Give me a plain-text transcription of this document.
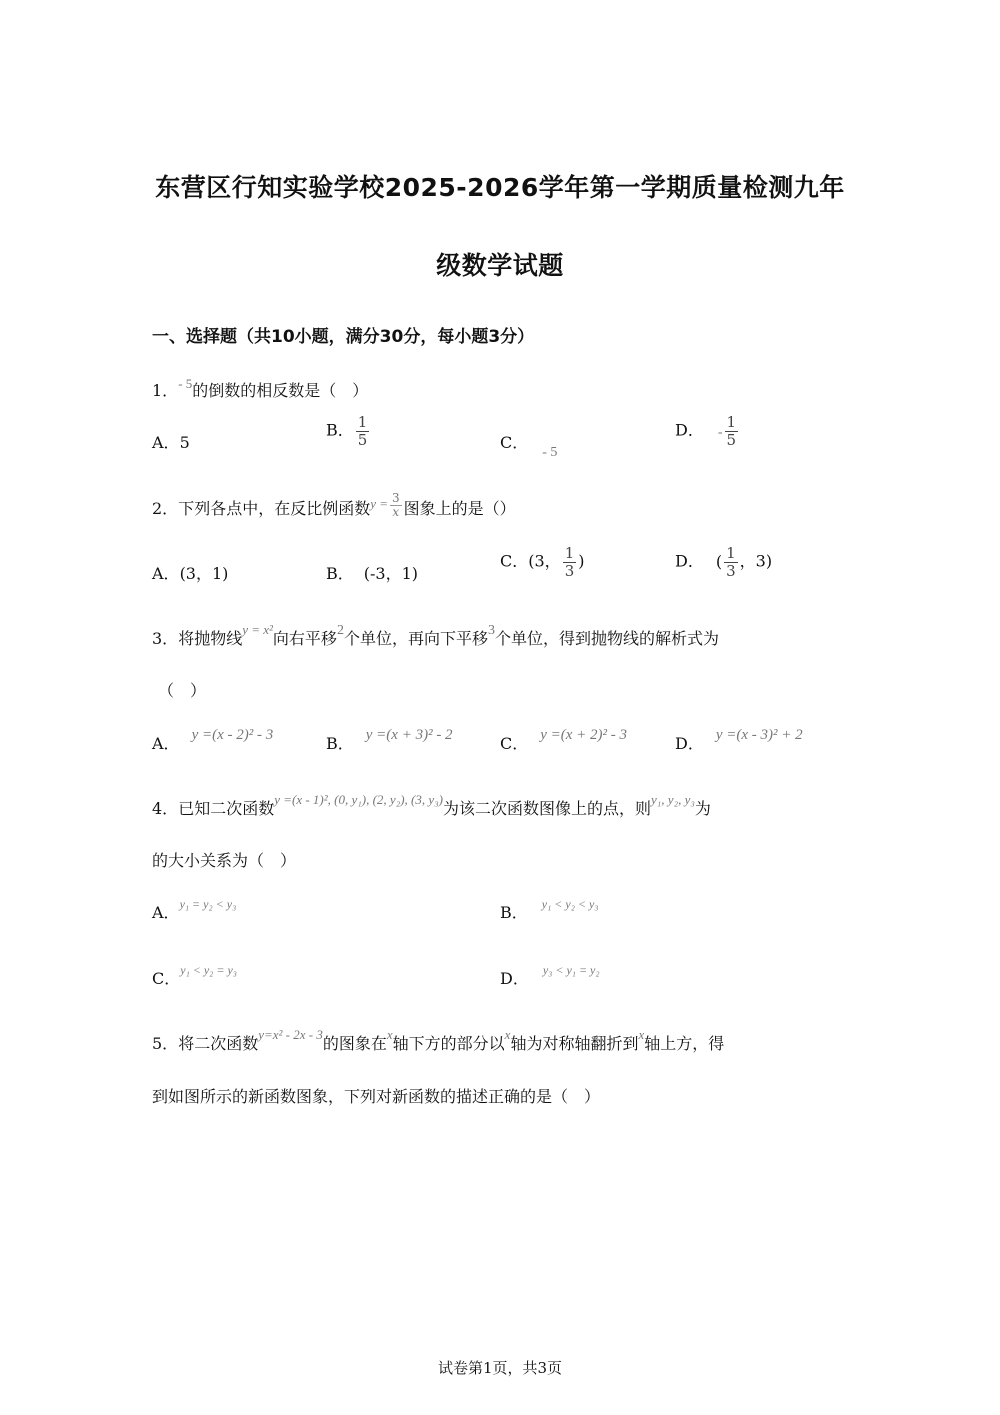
东营区行知实验学校2025-2026学年第一学期质量检测九年
级数学试题
一、选择题（共10小题，满分30分，每小题3分）
1．$^{- 5}$的倒数的相反数是（　）
A．5
B． $\frac{1}{5}$	C．- 5
D． - $\frac{1}{5}$
2．下列各点中，在反比例函数$^{y =} \frac{3}{x}$ 图象上的是（）
A．(3，1)	B． (-3，1)
C．(3， $\frac{1}{3}$ )	D． ( $\frac{1}{3}$ ，3)
3．将抛物线$^{y = x^2}$向右平移2个单位，再向下平移3个单位，得到抛物线的解析式为
（　）
A． y =(x - 2)² - 3	B． y =(x + 3)² - 2	C． y =(x + 2)² - 3	D． y =(x - 3)² + 2
4．已知二次函数$^{y =(x - 1)^2, (0, y_1), (2, y_2), (3, y_3)}$为该二次函数图像上的点，则$^{y_1, y_2, y_3}$为
的大小关系为（　）
A．$^{y_1 = y_2 < y_3}$	B． $^{y_1 < y_2 < y_3}$
C．$^{y_1 < y_2 = y_3}$	D． $^{y_3 < y_1 = y_2}$
5．将二次函数$^{y=x^2 - 2x - 3}$的图象在$^x$轴下方的部分以$^x$轴为对称轴翻折到$^x$轴上方，得
到如图所示的新函数图象，下列对新函数的描述正确的是（　）
试卷第1页，共3页
